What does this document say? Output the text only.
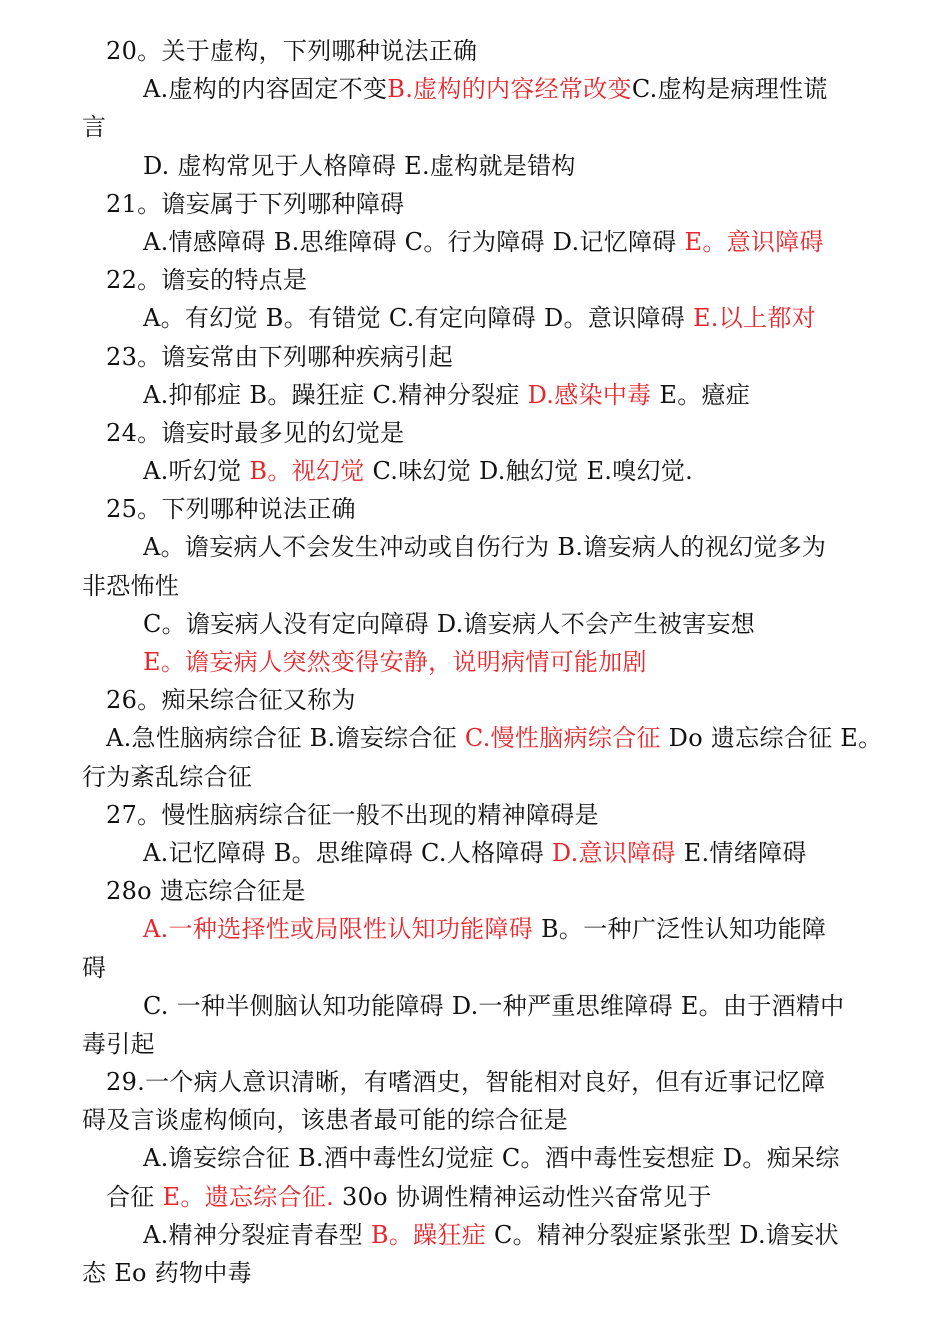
20。关于虚构，下列哪种说法正确
A.虚构的内容固定不变B.虚构的内容经常改变C.虚构是病理性谎
言
D. 虚构常见于人格障碍 E.虚构就是错构
21。谵妄属于下列哪种障碍
A.情感障碍 B.思维障碍 C。行为障碍 D.记忆障碍 E。意识障碍
22。谵妄的特点是
A。有幻觉 B。有错觉 C.有定向障碍 D。意识障碍 E.以上都对
23。谵妄常由下列哪种疾病引起
A.抑郁症 B。躁狂症 C.精神分裂症 D.感染中毒 E。癔症
24。谵妄时最多见的幻觉是
A.听幻觉 B。视幻觉 C.味幻觉 D.触幻觉 E.嗅幻觉.
25。下列哪种说法正确
A。谵妄病人不会发生冲动或自伤行为 B.谵妄病人的视幻觉多为
非恐怖性
C。谵妄病人没有定向障碍 D.谵妄病人不会产生被害妄想
E。谵妄病人突然变得安静，说明病情可能加剧
26。痴呆综合征又称为
A.急性脑病综合征 B.谵妄综合征 C.慢性脑病综合征 Do 遗忘综合征 E。
行为紊乱综合征
27。慢性脑病综合征一般不出现的精神障碍是
A.记忆障碍 B。思维障碍 C.人格障碍 D.意识障碍 E.情绪障碍
28o 遗忘综合征是
A.一种选择性或局限性认知功能障碍 B。一种广泛性认知功能障
碍
C. 一种半侧脑认知功能障碍 D.一种严重思维障碍 E。由于酒精中
毒引起
29.一个病人意识清晰，有嗜酒史，智能相对良好，但有近事记忆障
碍及言谈虚构倾向，该患者最可能的综合征是
A.谵妄综合征 B.酒中毒性幻觉症 C。酒中毒性妄想症 D。痴呆综
合征 E。遗忘综合征. 30o 协调性精神运动性兴奋常见于
A.精神分裂症青春型 B。躁狂症 C。精神分裂症紧张型 D.谵妄状
态 Eo 药物中毒
